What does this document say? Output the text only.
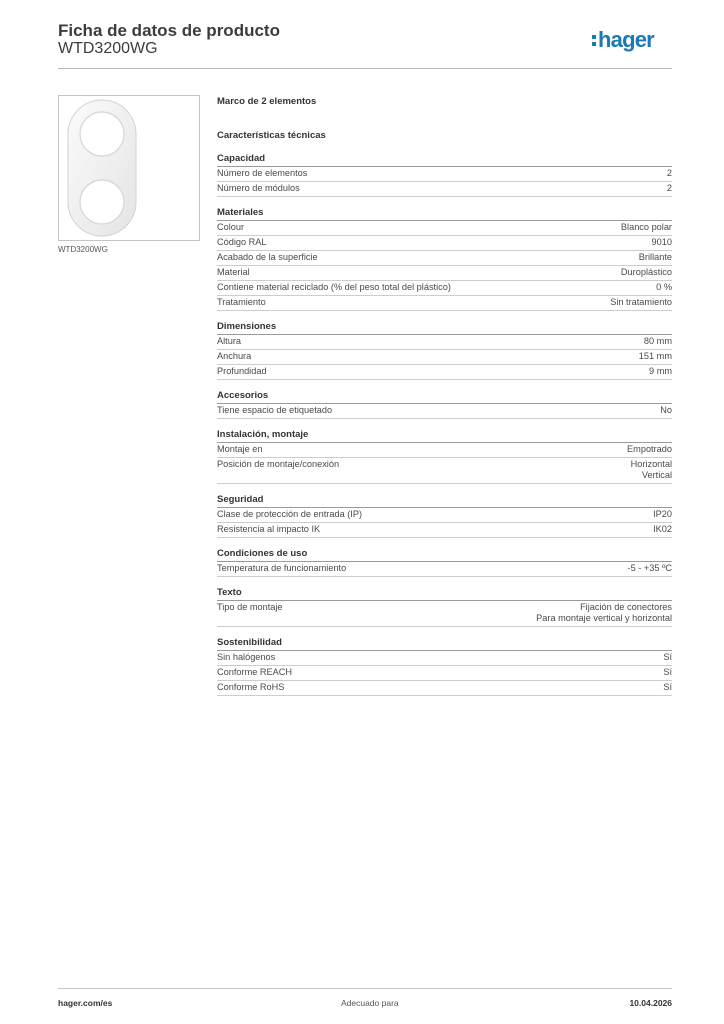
Ficha de datos de producto
WTD3200WG	hager
WTD3200WG
Marco de 2 elementos
Características técnicas
Capacidad
Número de elementos	2
Número de módulos	2
Materiales
Colour	Blanco polar
Código RAL	9010
Acabado de la superficie	Brillante
Material	Duroplástico
Contiene material reciclado (% del peso total del plástico)	0 %
Tratamiento	Sin tratamiento
Dimensiones
Altura	80 mm
Anchura	151 mm
Profundidad	9 mm
Accesorios
Tiene espacio de etiquetado	No
Instalación, montaje
Montaje en	Empotrado
Posición de montaje/conexión	Horizontal
Vertical
Seguridad
Clase de protección de entrada (IP)	IP20
Resistencia al impacto IK	IK02
Condiciones de uso
Temperatura de funcionamiento	-5 - +35 ºC
Texto
Tipo de montaje	Fijación de conectores
Para montaje vertical y horizontal
Sostenibilidad
Sin halógenos	Sí
Conforme REACH	Sí
Conforme RoHS	Sí
hager.com/es	Adecuado para	10.04.2026
